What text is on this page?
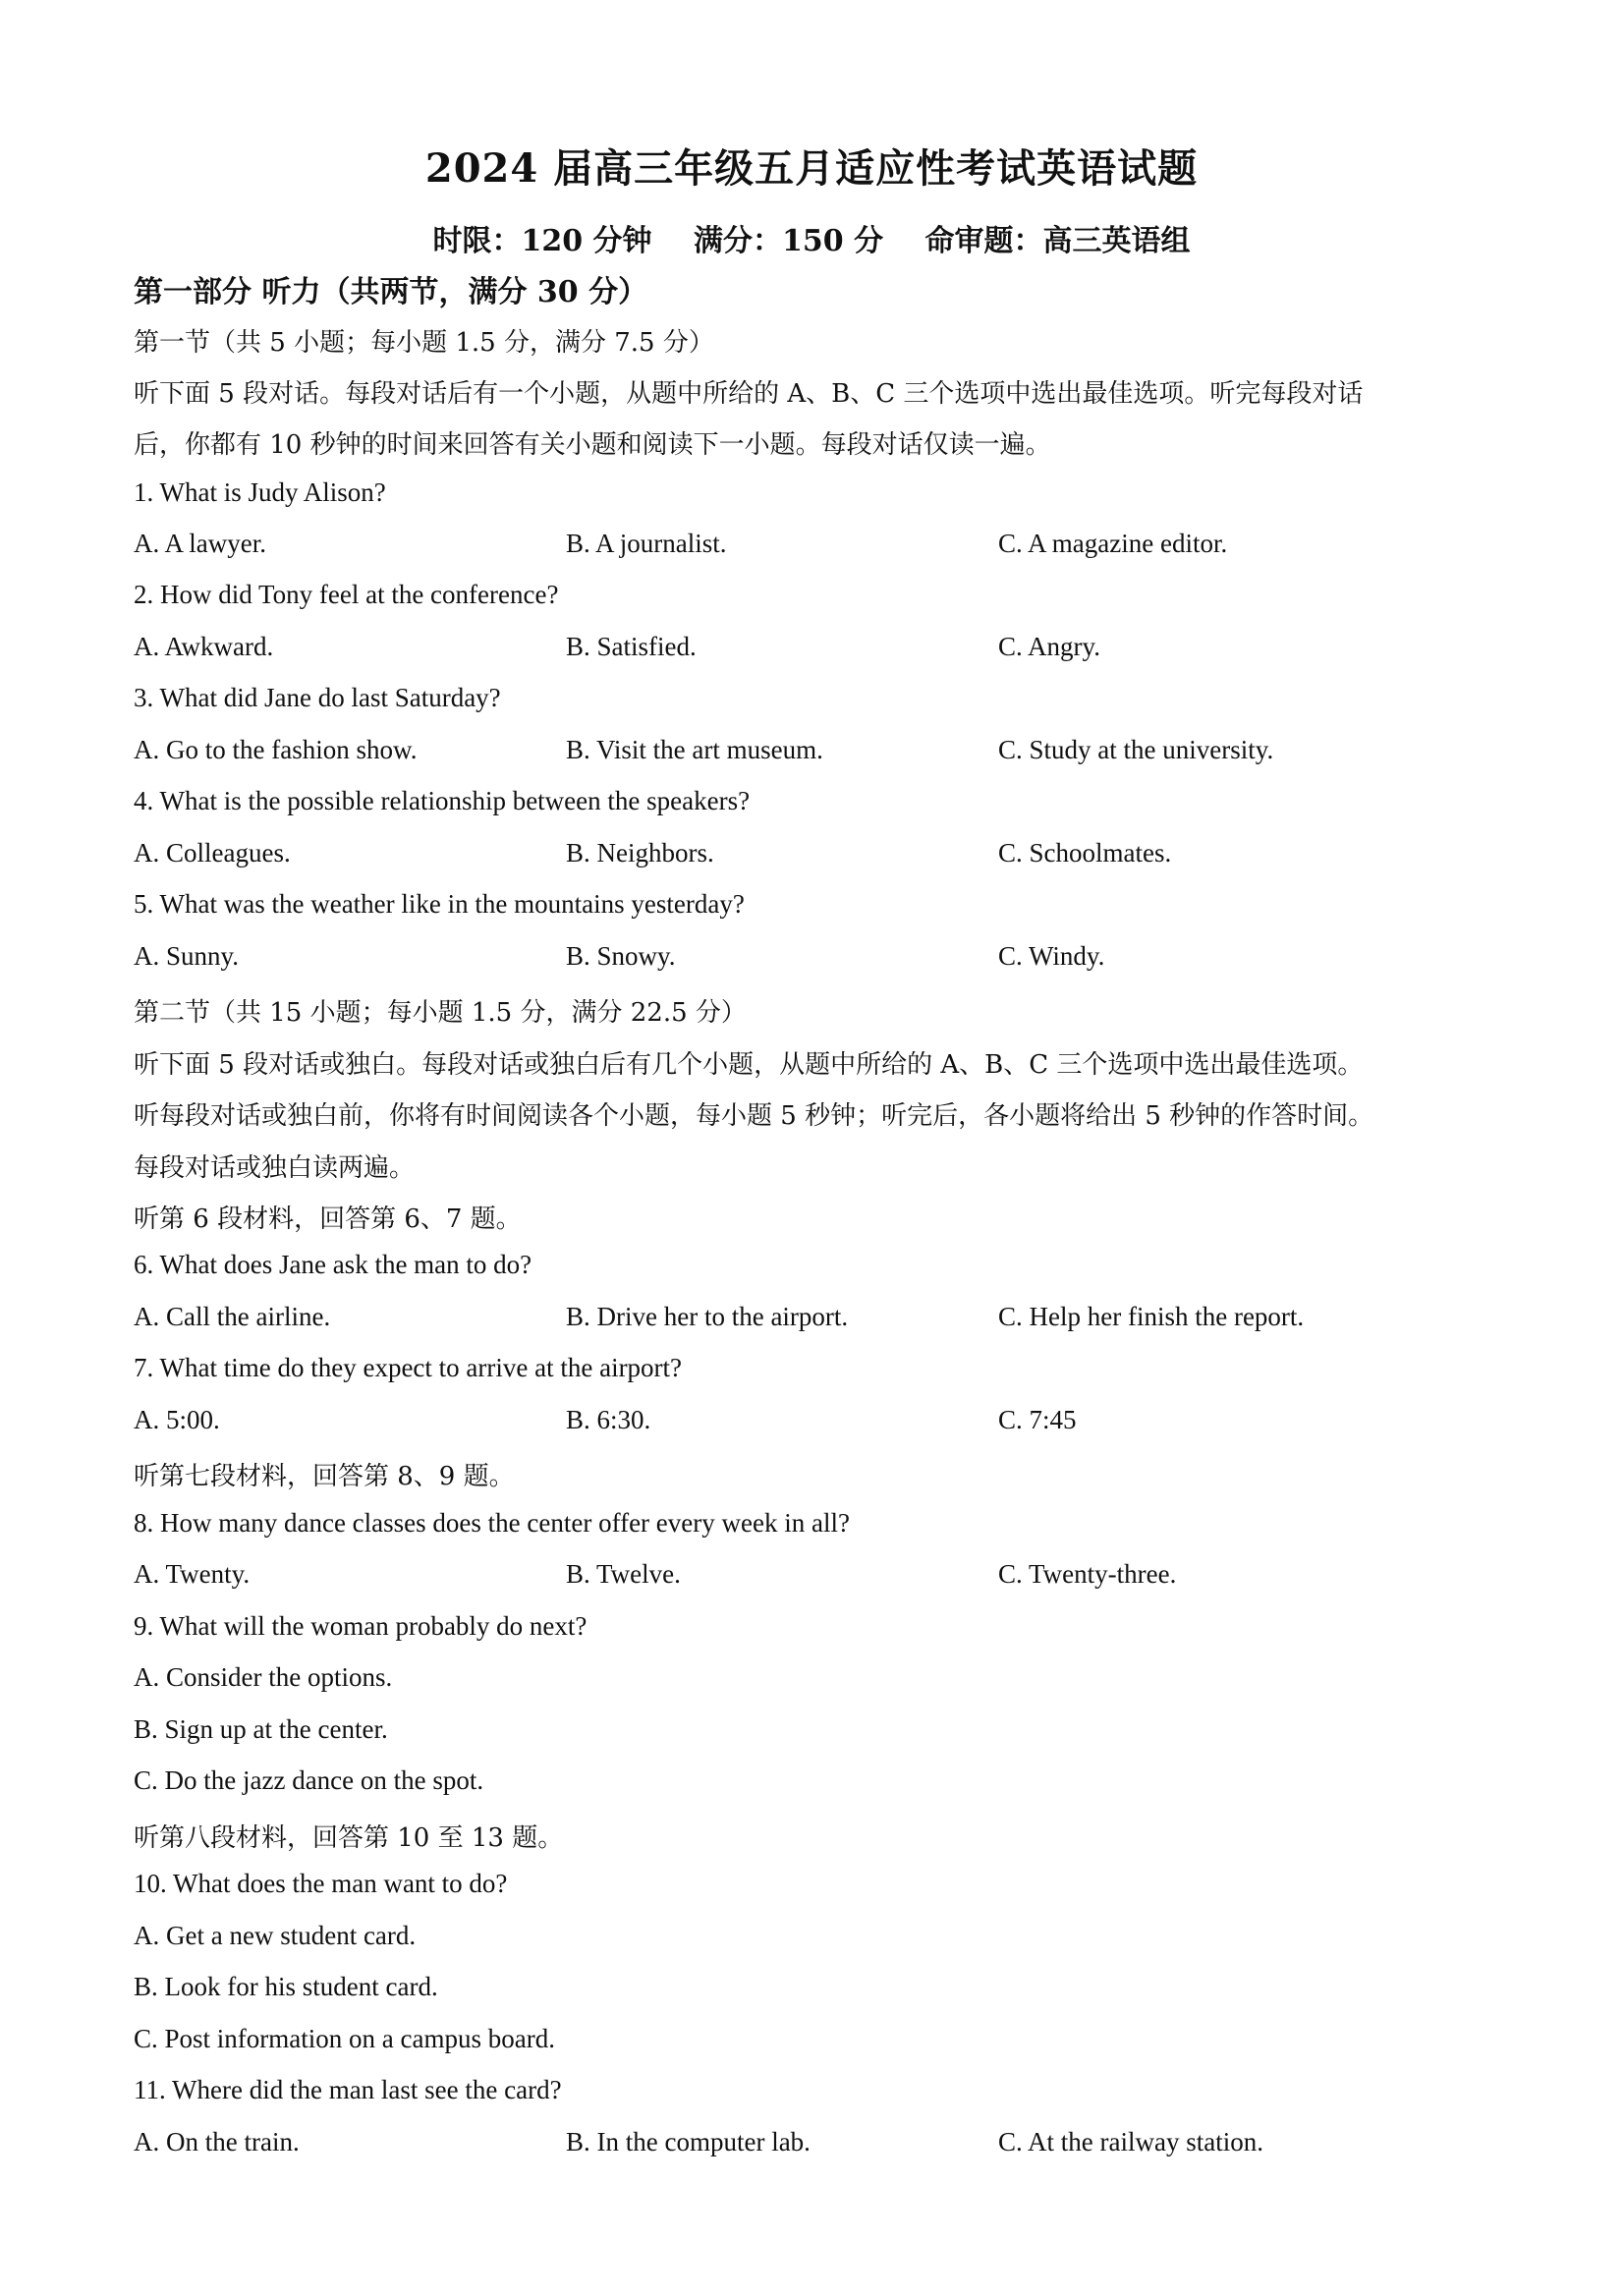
2024 届高三年级五月适应性考试英语试题
时限：120 分钟 满分：150 分 命审题：高三英语组
第一部分 听力（共两节，满分 30 分）
第一节（共 5 小题；每小题 1.5 分，满分 7.5 分）
听下面 5 段对话。每段对话后有一个小题，从题中所给的 A、B、C 三个选项中选出最佳选项。听完每段对话
后，你都有 10 秒钟的时间来回答有关小题和阅读下一小题。每段对话仅读一遍。
1. What is Judy Alison?
A. A lawyer.	B. A journalist.	C. A magazine editor.
2. How did Tony feel at the conference?
A. Awkward.	B. Satisfied.	C. Angry.
3. What did Jane do last Saturday?
A. Go to the fashion show.	B. Visit the art museum.	C. Study at the university.
4. What is the possible relationship between the speakers?
A. Colleagues.	B. Neighbors.	C. Schoolmates.
5. What was the weather like in the mountains yesterday?
A. Sunny.	B. Snowy.	C. Windy.
第二节（共 15 小题；每小题 1.5 分，满分 22.5 分）
听下面 5 段对话或独白。每段对话或独白后有几个小题，从题中所给的 A、B、C 三个选项中选出最佳选项。
听每段对话或独白前，你将有时间阅读各个小题，每小题 5 秒钟；听完后，各小题将给出 5 秒钟的作答时间。
每段对话或独白读两遍。
听第 6 段材料，回答第 6、7 题。
6. What does Jane ask the man to do?
A. Call the airline.	B. Drive her to the airport.	C. Help her finish the report.
7. What time do they expect to arrive at the airport?
A. 5:00.	B. 6:30.	C. 7:45
听第七段材料，回答第 8、9 题。
8. How many dance classes does the center offer every week in all?
A. Twenty.	B. Twelve.	C. Twenty-three.
9. What will the woman probably do next?
A. Consider the options.
B. Sign up at the center.
C. Do the jazz dance on the spot.
听第八段材料，回答第 10 至 13 题。
10. What does the man want to do?
A. Get a new student card.
B. Look for his student card.
C. Post information on a campus board.
11. Where did the man last see the card?
A. On the train.	B. In the computer lab.	C. At the railway station.
